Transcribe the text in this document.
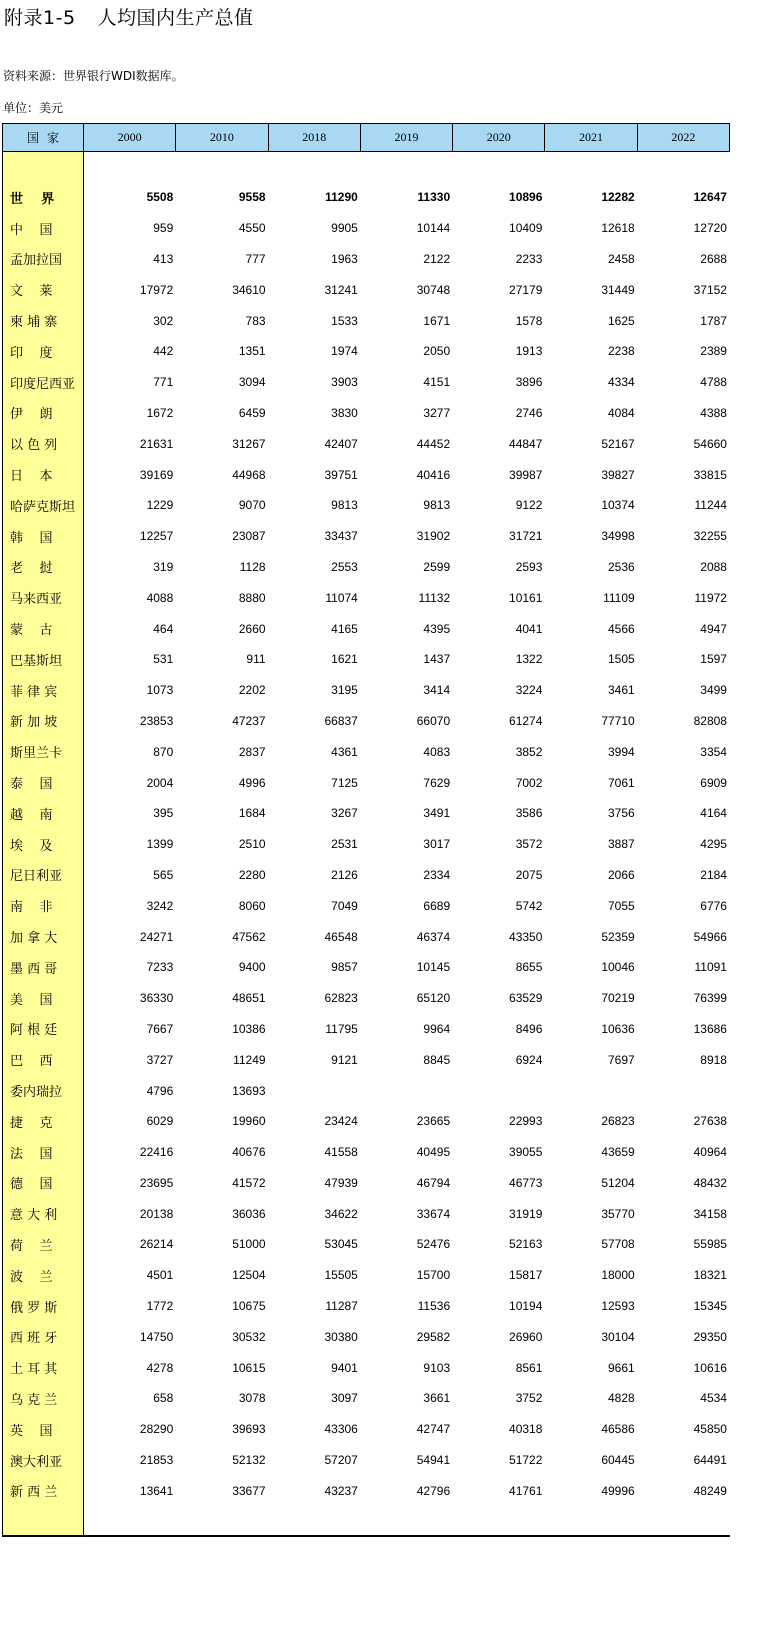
附录1-5 人均国内生产总值
资料来源：世界银行WDI数据库。
单位：美元
国家	2000	2010	2018	2019	2020	2021	2022
世    界	5508	9558	11290	11330	10896	12282	12647
中    国	959	4550	9905	10144	10409	12618	12720
孟加拉国	413	777	1963	2122	2233	2458	2688
文    莱	17972	34610	31241	30748	27179	31449	37152
柬 埔 寨	302	783	1533	1671	1578	1625	1787
印    度	442	1351	1974	2050	1913	2238	2389
印度尼西亚	771	3094	3903	4151	3896	4334	4788
伊    朗	1672	6459	3830	3277	2746	4084	4388
以 色 列	21631	31267	42407	44452	44847	52167	54660
日    本	39169	44968	39751	40416	39987	39827	33815
哈萨克斯坦	1229	9070	9813	9813	9122	10374	11244
韩    国	12257	23087	33437	31902	31721	34998	32255
老    挝	319	1128	2553	2599	2593	2536	2088
马来西亚	4088	8880	11074	11132	10161	11109	11972
蒙    古	464	2660	4165	4395	4041	4566	4947
巴基斯坦	531	911	1621	1437	1322	1505	1597
菲 律 宾	1073	2202	3195	3414	3224	3461	3499
新 加 坡	23853	47237	66837	66070	61274	77710	82808
斯里兰卡	870	2837	4361	4083	3852	3994	3354
泰    国	2004	4996	7125	7629	7002	7061	6909
越    南	395	1684	3267	3491	3586	3756	4164
埃    及	1399	2510	2531	3017	3572	3887	4295
尼日利亚	565	2280	2126	2334	2075	2066	2184
南    非	3242	8060	7049	6689	5742	7055	6776
加 拿 大	24271	47562	46548	46374	43350	52359	54966
墨 西 哥	7233	9400	9857	10145	8655	10046	11091
美    国	36330	48651	62823	65120	63529	70219	76399
阿 根 廷	7667	10386	11795	9964	8496	10636	13686
巴    西	3727	11249	9121	8845	6924	7697	8918
委内瑞拉	4796	13693
捷    克	6029	19960	23424	23665	22993	26823	27638
法    国	22416	40676	41558	40495	39055	43659	40964
德    国	23695	41572	47939	46794	46773	51204	48432
意 大 利	20138	36036	34622	33674	31919	35770	34158
荷    兰	26214	51000	53045	52476	52163	57708	55985
波    兰	4501	12504	15505	15700	15817	18000	18321
俄 罗 斯	1772	10675	11287	11536	10194	12593	15345
西 班 牙	14750	30532	30380	29582	26960	30104	29350
土 耳 其	4278	10615	9401	9103	8561	9661	10616
乌 克 兰	658	3078	3097	3661	3752	4828	4534
英    国	28290	39693	43306	42747	40318	46586	45850
澳大利亚	21853	52132	57207	54941	51722	60445	64491
新 西 兰	13641	33677	43237	42796	41761	49996	48249
